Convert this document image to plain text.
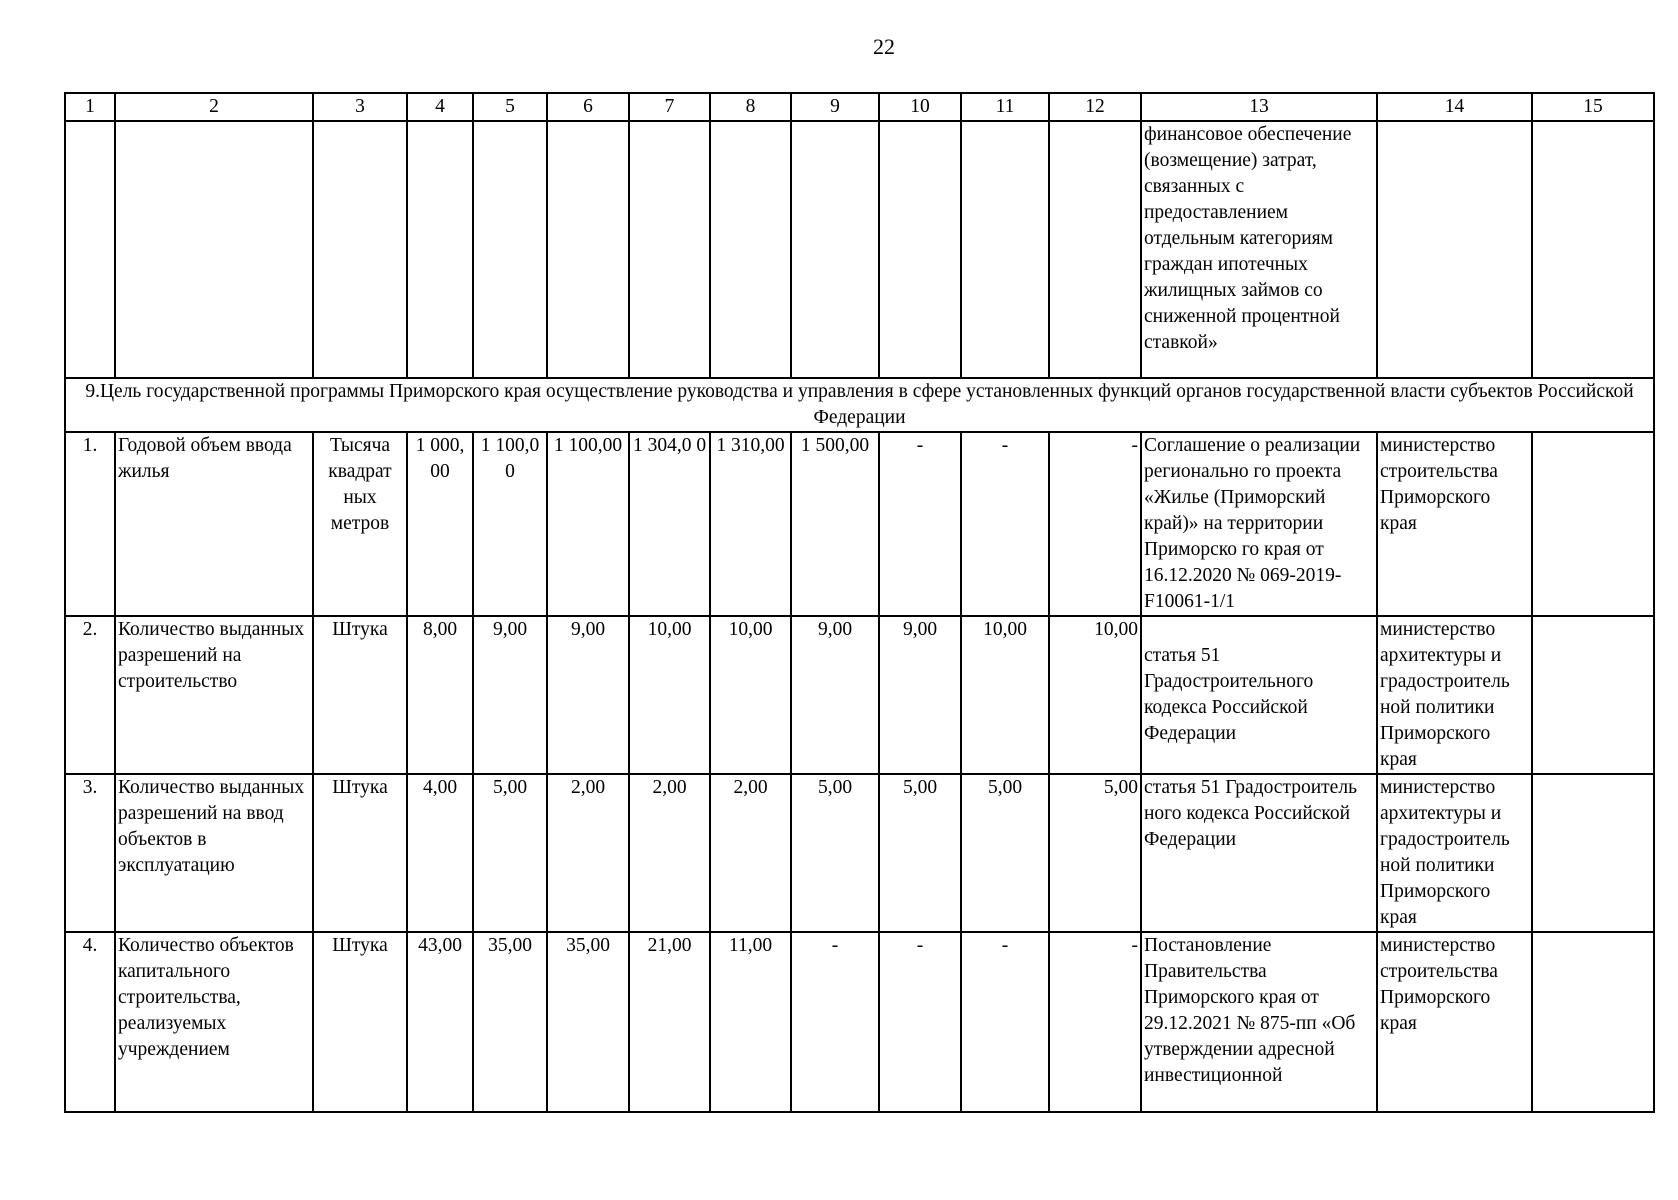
22
1	2	3	4	5	6	7	8	9	10	11	12	13	14	15
												финансовое обеспечение (возмещение) затрат, связанных с предоставлением отдельным категориям граждан ипотечных жилищных займов со сниженной процентной ставкой»		
9.Цель государственной программы Приморского края осуществление руководства и управления в сфере установленных функций органов государственной власти субъектов Российской Федерации														
1.	Годовой объем ввода жилья	Тысяча квадрат ных метров	1 000, 00	1 100,0 0	1 100,00	1 304,0 0	1 310,00	1 500,00	-	-	-	Соглашение о реализации регионально го проекта «Жилье (Приморский край)» на территории Приморско го края от 16.12.2020 № 069-2019-F10061-1/1	министерство строительства Приморского края	
2.	Количество выданных разрешений на строительство	Штука	8,00	9,00	9,00	10,00	10,00	9,00	9,00	10,00	10,00	статья 51 Градостроительного кодекса Российской Федерации	министерство архитектуры и градостроитель ной политики Приморского края	
3.	Количество выданных разрешений на ввод объектов в эксплуатацию	Штука	4,00	5,00	2,00	2,00	2,00	5,00	5,00	5,00	5,00	статья 51 Градостроитель ного кодекса Российской Федерации	министерство архитектуры и градостроитель ной политики Приморского края	
4.	Количество объектов капитального строительства, реализуемых учреждением	Штука	43,00	35,00	35,00	21,00	11,00	-	-	-	-	Постановление Правительства Приморского края от 29.12.2021 № 875-пп «Об утверждении адресной инвестиционной	министерство строительства Приморского края	
